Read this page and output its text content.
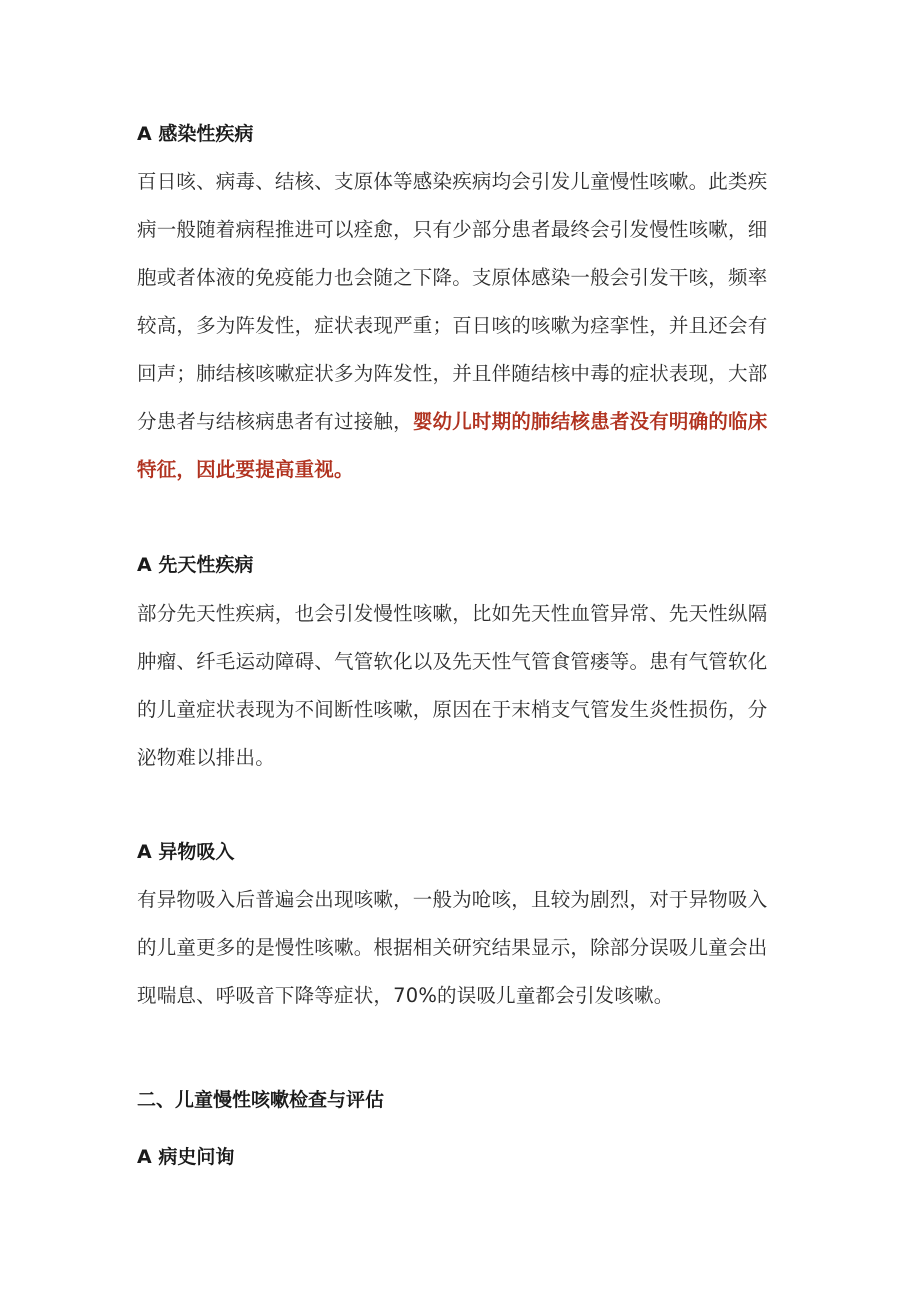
A 感染性疾病
百日咳、病毒、结核、支原体等感染疾病均会引发儿童慢性咳嗽。此类疾病一般随着病程推进可以痊愈，只有少部分患者最终会引发慢性咳嗽，细胞或者体液的免疫能力也会随之下降。支原体感染一般会引发干咳，频率较高，多为阵发性，症状表现严重；百日咳的咳嗽为痉挛性，并且还会有回声；肺结核咳嗽症状多为阵发性，并且伴随结核中毒的症状表现，大部分患者与结核病患者有过接触，婴幼儿时期的肺结核患者没有明确的临床特征，因此要提高重视。
A 先天性疾病
部分先天性疾病，也会引发慢性咳嗽，比如先天性血管异常、先天性纵隔肿瘤、纤毛运动障碍、气管软化以及先天性气管食管瘘等。患有气管软化的儿童症状表现为不间断性咳嗽，原因在于末梢支气管发生炎性损伤，分泌物难以排出。
A 异物吸入
有异物吸入后普遍会出现咳嗽，一般为呛咳，且较为剧烈，对于异物吸入的儿童更多的是慢性咳嗽。根据相关研究结果显示，除部分误吸儿童会出现喘息、呼吸音下降等症状，70%的误吸儿童都会引发咳嗽。
二、儿童慢性咳嗽检查与评估
A 病史问询
